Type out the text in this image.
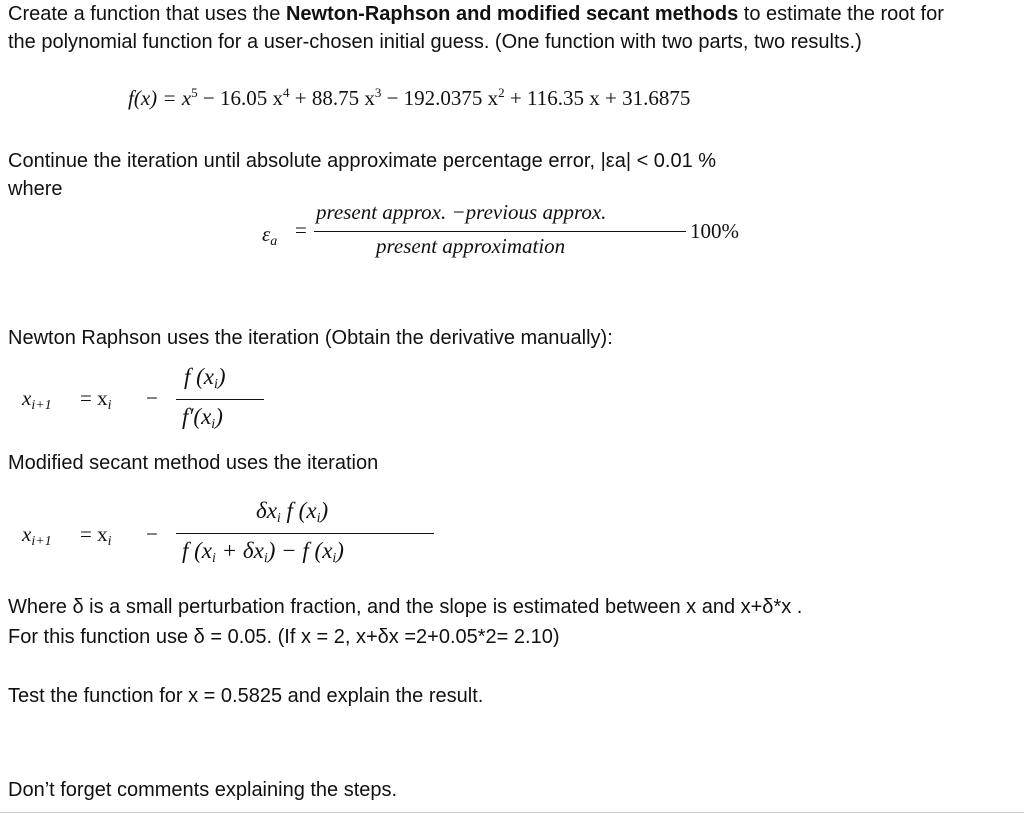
Create a function that uses the Newton-Raphson and modified secant methods to estimate the root for
the polynomial function for a user-chosen initial guess. (One function with two parts, two results.)
$f(x) = x^5 - 16.05$ $x^4 + 88.75$ $x^3 - 192.0375$ $x^2 + 116.35$ x + 31.6875
Continue the iteration until absolute approximate percentage error, |εa| < 0.01 %
where
$\varepsilon_a$ =
present approx. −previous approx.
present approximation
100%
Newton Raphson uses the iteration (Obtain the derivative manually):
$x_{i+1} = x_i$ −
f $(x_i)$
$f'(x_i)$
Modified secant method uses the iteration
$x_{i+1} = x_i$ −
$\delta x_i$ f $(x_i)$
f $(x_i + \delta x_i) - f$ $(x_i)$
Where δ is a small perturbation fraction, and the slope is estimated between x and x+δ*x .
For this function use δ = 0.05. (If x = 2, x+δx =2+0.05*2= 2.10)
Test the function for x = 0.5825 and explain the result.
Don’t forget comments explaining the steps.
